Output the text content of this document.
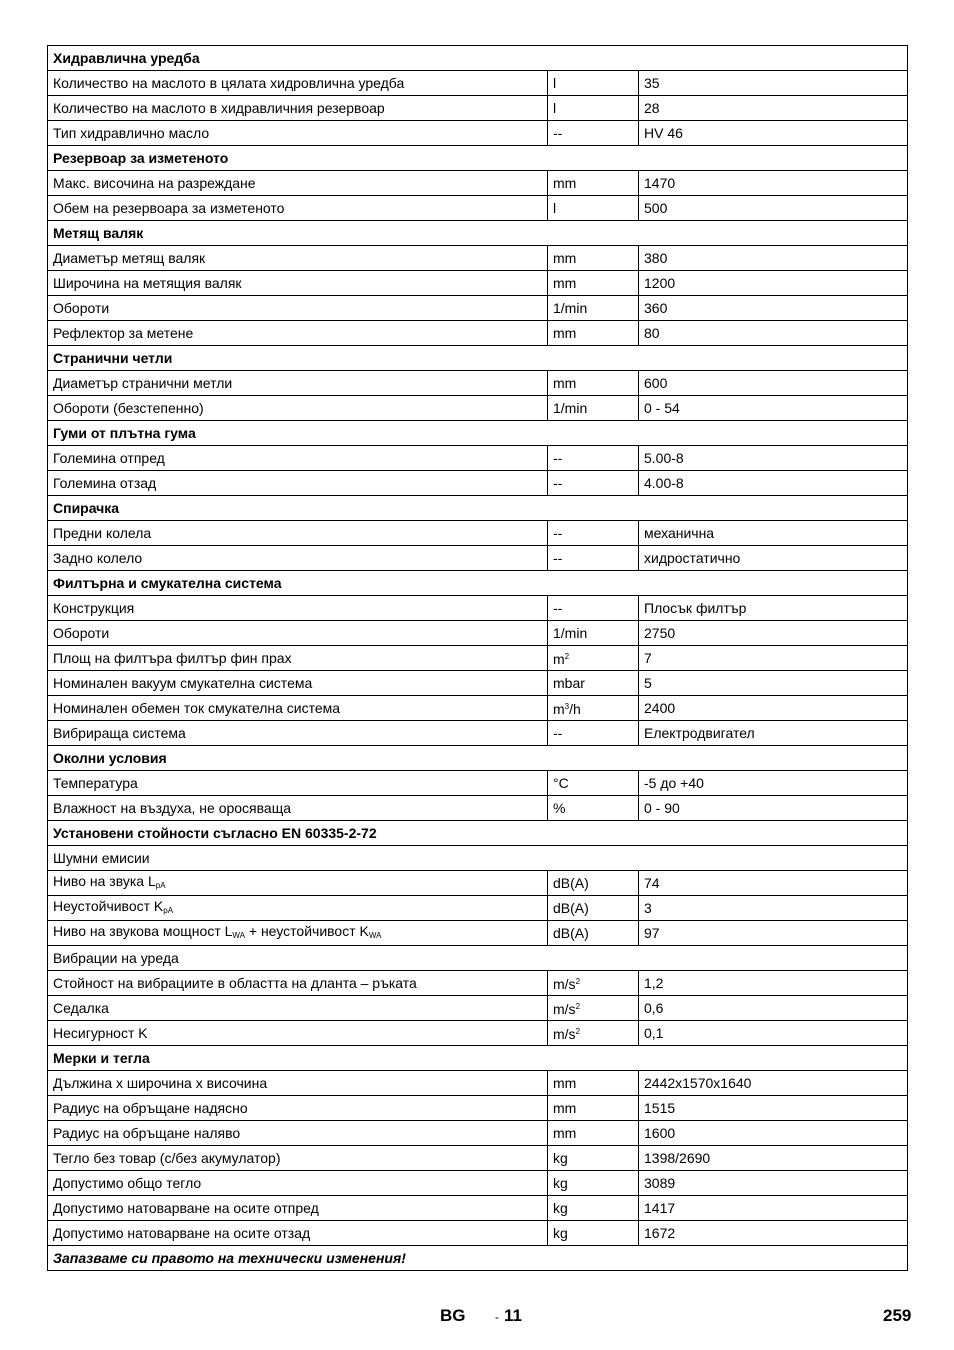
Хидравлична уредба		
Количество на маслото в цялата хидровлична уредба	l	35
Количество на маслото в хидравличния резервоар	l	28
Тип хидравлично масло	--	HV 46
Резервоар за изметеното		
Макс. височина на разреждане	mm	1470
Обем на резервоара за изметеното	l	500
Метящ валяк		
Диаметър метящ валяк	mm	380
Широчина на метящия валяк	mm	1200
Обороти	1/min	360
Рефлектор за метене	mm	80
Странични четли		
Диаметър странични метли	mm	600
Обороти (безстепенно)	1/min	0 - 54
Гуми от плътна гума		
Големина отпред	--	5.00-8
Големина отзад	--	4.00-8
Спирачка		
Предни колела	--	механична
Задно колело	--	хидростатично
Филтърна и смукателна система		
Конструкция	--	Плосък филтър
Обороти	1/min	2750
Площ на филтъра филтър фин прах	$m^2$	7
Номинален вакуум смукателна система	mbar	5
Номинален обемен ток смукателна система	$m^3/h$	2400
Вибрираща система	--	Електродвигател
Околни условия		
Температура	°C	-5 до +40
Влажност на въздуха, не оросяваща	%	0 - 90
Установени стойности съгласно EN 60335-2-72		
Шумни емисии		
Ниво на звука $L_{pA}$	dB(A)	74
Неустойчивост $K_{pA}$	dB(A)	3
Ниво на звукова мощност $L_{WA}$ + неустойчивост $K_{WA}$	dB(A)	97
Вибрации на уреда		
Стойност на вибрациите в областта на дланта – ръката	$m/s^2$	1,2
Седалка	$m/s^2$	0,6
Несигурност K	$m/s^2$	0,1
Мерки и тегла		
Дължина x широчина x височина	mm	2442x1570x1640
Радиус на обръщане надясно	mm	1515
Радиус на обръщане наляво	mm	1600
Тегло без товар (с/без акумулатор)	kg	1398/2690
Допустимо общо тегло	kg	3089
Допустимо натоварване на осите отпред	kg	1417
Допустимо натоварване на осите отзад	kg	1672
Запазваме си правото на технически изменения!		
BG - 11	259
